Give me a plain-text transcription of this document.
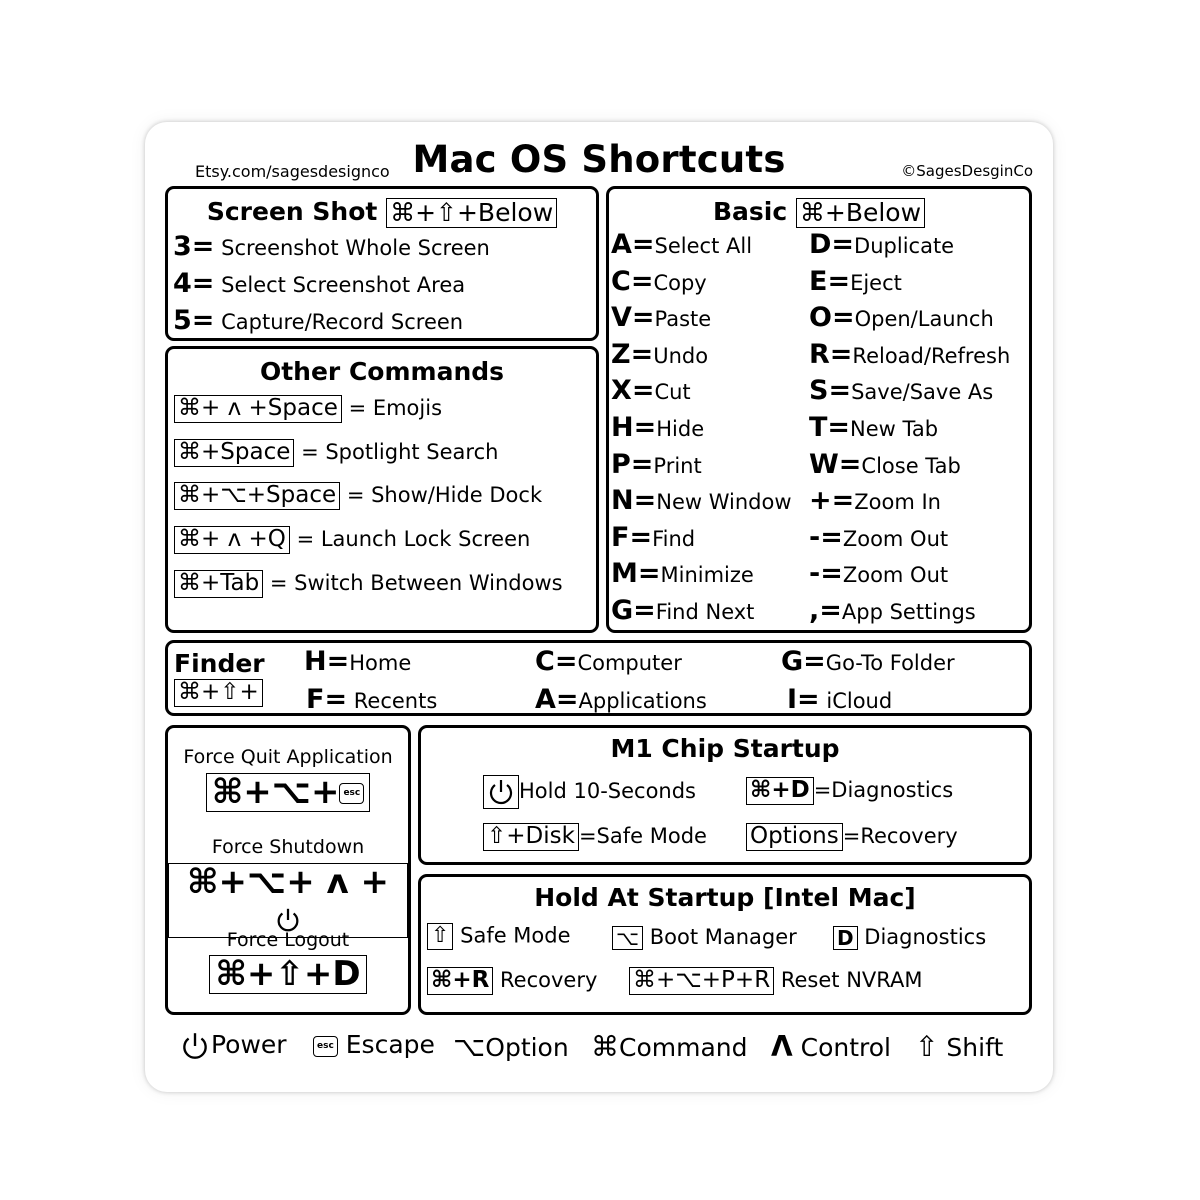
Mac OS Shortcuts
Etsy.com/sagesdesignco	©SagesDesginCo
Screen Shot ⌘+⇧+Below
3= Screenshot Whole Screen
4= Select Screenshot Area
5= Capture/Record Screen
Other Commands
⌘+ ʌ +Space = Emojis
⌘+Space = Spotlight Search
⌘+⌥+Space = Show/Hide Dock
⌘+ ʌ +Q = Launch Lock Screen
⌘+Tab = Switch Between Windows
Basic ⌘+Below
A=Select All
C=Copy
V=Paste
Z=Undo
X=Cut
H=Hide
P=Print
N=New Window
F=Find
M=Minimize
G=Find Next
D=Duplicate
E=Eject
O=Open/Launch
R=Reload/Refresh
S=Save/Save As
T=New Tab
W=Close Tab
+=Zoom In
-=Zoom Out
-=Zoom Out
,=App Settings
Finder
⌘+⇧+
H=Home
F= Recents
C=Computer
A=Applications
G=Go-To Folder
I= iCloud
Force Quit Application
⌘+⌥+ esc
Force Shutdown
⌘+⌥+ ʌ +
Force Logout
⌘+⇧+D
M1 Chip Startup
Hold 10-Seconds ⌘+D =Diagnostics
⇧+Disk =Safe Mode Options =Recovery
Hold At Startup [Intel Mac]
⇧ Safe Mode ⌥ Boot Manager D Diagnostics
⌘+R Recovery ⌘+⌥+P+R Reset NVRAM
Power	esc Escape ⌥Option ⌘Command Λ Control ⇧ Shift
